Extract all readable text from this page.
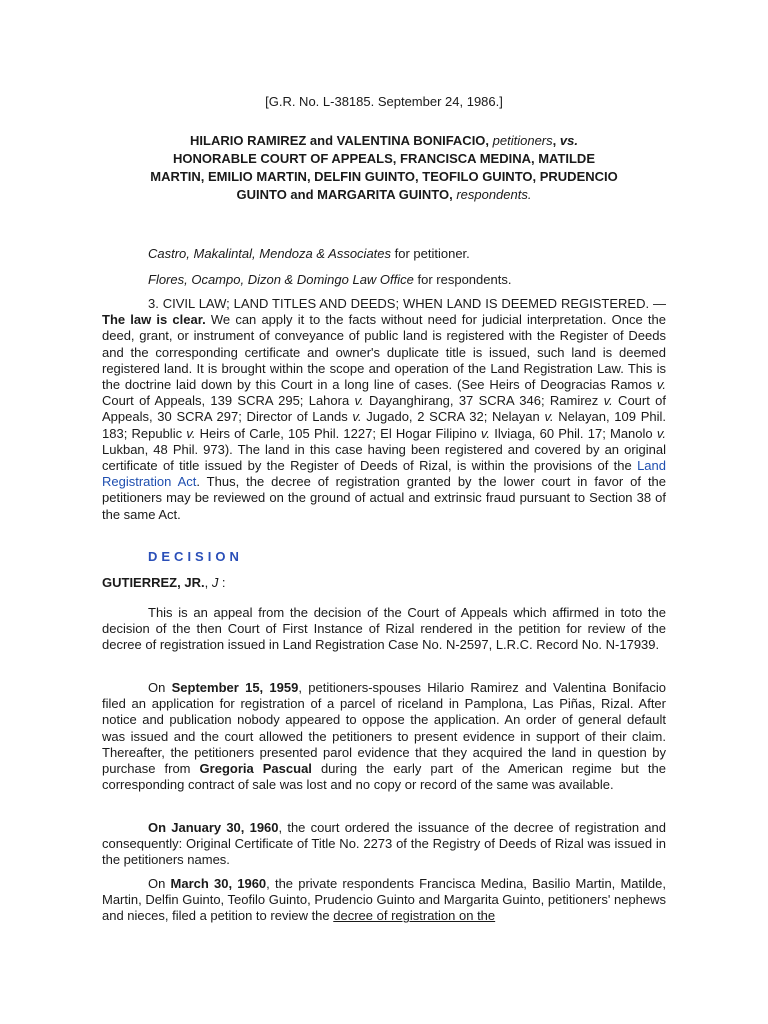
[G.R. No. L-38185. September 24, 1986.]
HILARIO RAMIREZ and VALENTINA BONIFACIO, petitioners, vs. HONORABLE COURT OF APPEALS, FRANCISCA MEDINA, MATILDE MARTIN, EMILIO MARTIN, DELFIN GUINTO, TEOFILO GUINTO, PRUDENCIO GUINTO and MARGARITA GUINTO, respondents.
Castro, Makalintal, Mendoza & Associates for petitioner.
Flores, Ocampo, Dizon & Domingo Law Office for respondents.

3. CIVIL LAW; LAND TITLES AND DEEDS; WHEN LAND IS DEEMED REGISTERED. — The law is clear. We can apply it to the facts without need for judicial interpretation. Once the deed, grant, or instrument of conveyance of public land is registered with the Register of Deeds and the corresponding certificate and owner's duplicate title is issued, such land is deemed registered land. It is brought within the scope and operation of the Land Registration Law. This is the doctrine laid down by this Court in a long line of cases. (See Heirs of Deogracias Ramos v. Court of Appeals, 139 SCRA 295; Lahora v. Dayanghirang, 37 SCRA 346; Ramirez v. Court of Appeals, 30 SCRA 297; Director of Lands v. Jugado, 2 SCRA 32; Nelayan v. Nelayan, 109 Phil. 183; Republic v. Heirs of Carle, 105 Phil. 1227; El Hogar Filipino v. Ilviaga, 60 Phil. 17; Manolo v. Lukban, 48 Phil. 973). The land in this case having been registered and covered by an original certificate of title issued by the Register of Deeds of Rizal, is within the provisions of the Land Registration Act. Thus, the decree of registration granted by the lower court in favor of the petitioners may be reviewed on the ground of actual and extrinsic fraud pursuant to Section 38 of the same Act.

DECISION
GUTIERREZ, JR., J :

This is an appeal from the decision of the Court of Appeals which affirmed in toto the decision of the then Court of First Instance of Rizal rendered in the petition for review of the decree of registration issued in Land Registration Case No. N-2597, L.R.C. Record No. N-17939.

On September 15, 1959, petitioners-spouses Hilario Ramirez and Valentina Bonifacio filed an application for registration of a parcel of riceland in Pamplona, Las Piñas, Rizal. After notice and publication nobody appeared to oppose the application. An order of general default was issued and the court allowed the petitioners to present evidence in support of their claim. Thereafter, the petitioners presented parol evidence that they acquired the land in question by purchase from Gregoria Pascual during the early part of the American regime but the corresponding contract of sale was lost and no copy or record of the same was available.

On January 30, 1960, the court ordered the issuance of the decree of registration and consequently: Original Certificate of Title No. 2273 of the Registry of Deeds of Rizal was issued in the petitioners names.

On March 30, 1960, the private respondents Francisca Medina, Basilio Martin, Matilde, Martin, Delfin Guinto, Teofilo Guinto, Prudencio Guinto and Margarita Guinto, petitioners' nephews and nieces, filed a petition to review the decree of registration on the
